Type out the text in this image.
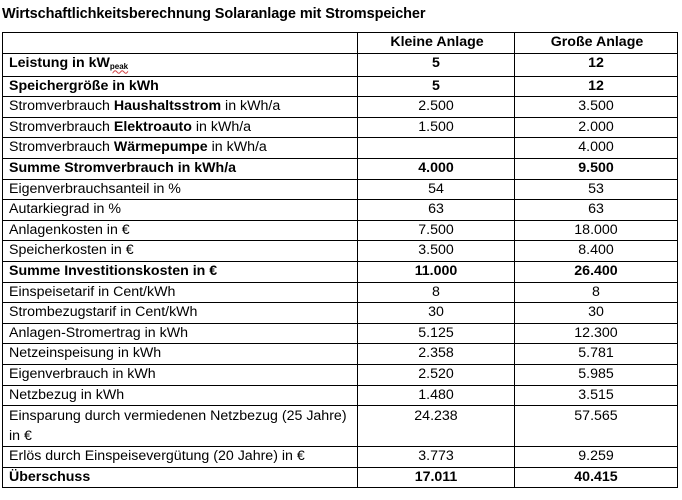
Wirtschaftlichkeitsberechnung Solaranlage mit Stromspeicher
	Kleine Anlage	Große Anlage
Leistung in $kW_{peak}$	5	12
Speichergröße in kWh	5	12
Stromverbrauch Haushaltsstrom in kWh/a	2.500	3.500
Stromverbrauch Elektroauto in kWh/a	1.500	2.000
Stromverbrauch Wärmepumpe in kWh/a		4.000
Summe Stromverbrauch in kWh/a	4.000	9.500
Eigenverbrauchsanteil in %	54	53
Autarkiegrad in %	63	63
Anlagenkosten in €	7.500	18.000
Speicherkosten in €	3.500	8.400
Summe Investitionskosten in €	11.000	26.400
Einspeisetarif in Cent/kWh	8	8
Strombezugstarif in Cent/kWh	30	30
Anlagen-Stromertrag in kWh	5.125	12.300
Netzeinspeisung in kWh	2.358	5.781
Eigenverbrauch in kWh	2.520	5.985
Netzbezug in kWh	1.480	3.515
Einsparung durch vermiedenen Netzbezug (25 Jahre) in €	24.238	57.565
Erlös durch Einspeisevergütung (20 Jahre) in €	3.773	9.259
Überschuss	17.011	40.415
